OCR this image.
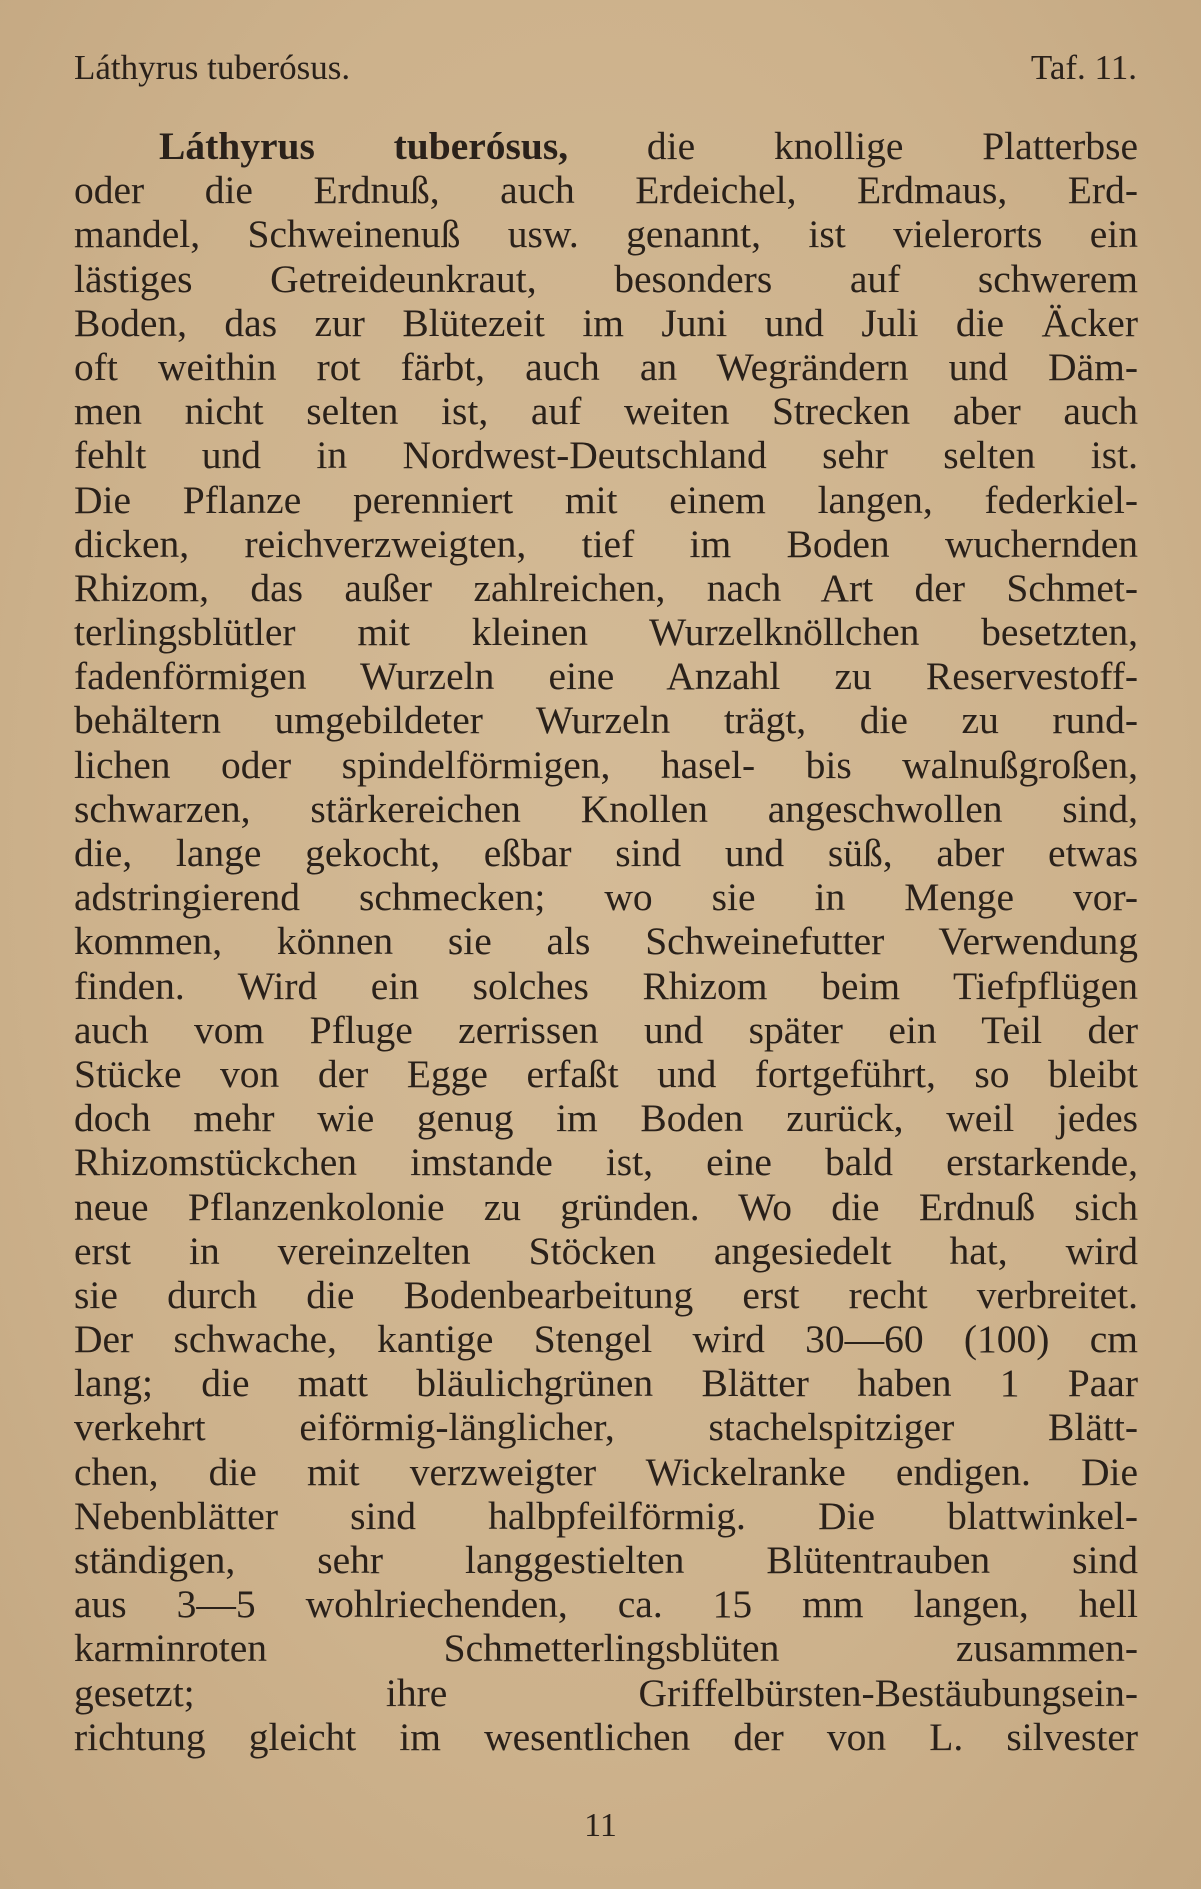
Láthyrus tuberósus.	Taf. 11.
Láthyrus tuberósus, die knollige Platterbse
oder die Erdnuß, auch Erdeichel, Erdmaus, Erd-
mandel, Schweinenuß usw. genannt, ist vielerorts ein
lästiges Getreideunkraut, besonders auf schwerem
Boden, das zur Blütezeit im Juni und Juli die Äcker
oft weithin rot färbt, auch an Wegrändern und Däm-
men nicht selten ist, auf weiten Strecken aber auch
fehlt und in Nordwest-Deutschland sehr selten ist.
Die Pflanze perenniert mit einem langen, federkiel-
dicken, reichverzweigten, tief im Boden wuchernden
Rhizom, das außer zahlreichen, nach Art der Schmet-
terlingsblütler mit kleinen Wurzelknöllchen besetzten,
fadenförmigen Wurzeln eine Anzahl zu Reservestoff-
behältern umgebildeter Wurzeln trägt, die zu rund-
lichen oder spindelförmigen, hasel- bis walnußgroßen,
schwarzen, stärkereichen Knollen angeschwollen sind,
die, lange gekocht, eßbar sind und süß, aber etwas
adstringierend schmecken; wo sie in Menge vor-
kommen, können sie als Schweinefutter Verwendung
finden. Wird ein solches Rhizom beim Tiefpflügen
auch vom Pfluge zerrissen und später ein Teil der
Stücke von der Egge erfaßt und fortgeführt, so bleibt
doch mehr wie genug im Boden zurück, weil jedes
Rhizomstückchen imstande ist, eine bald erstarkende,
neue Pflanzenkolonie zu gründen. Wo die Erdnuß sich
erst in vereinzelten Stöcken angesiedelt hat, wird
sie durch die Bodenbearbeitung erst recht verbreitet.
Der schwache, kantige Stengel wird 30—60 (100) cm
lang; die matt bläulichgrünen Blätter haben 1 Paar
verkehrt eiförmig-länglicher, stachelspitziger Blätt-
chen, die mit verzweigter Wickelranke endigen. Die
Nebenblätter sind halbpfeilförmig. Die blattwinkel-
ständigen, sehr langgestielten Blütentrauben sind
aus 3—5 wohlriechenden, ca. 15 mm langen, hell
karminroten Schmetterlingsblüten zusammen-
gesetzt; ihre Griffelbürsten-Bestäubungsein-
richtung gleicht im wesentlichen der von L. silvester
11
